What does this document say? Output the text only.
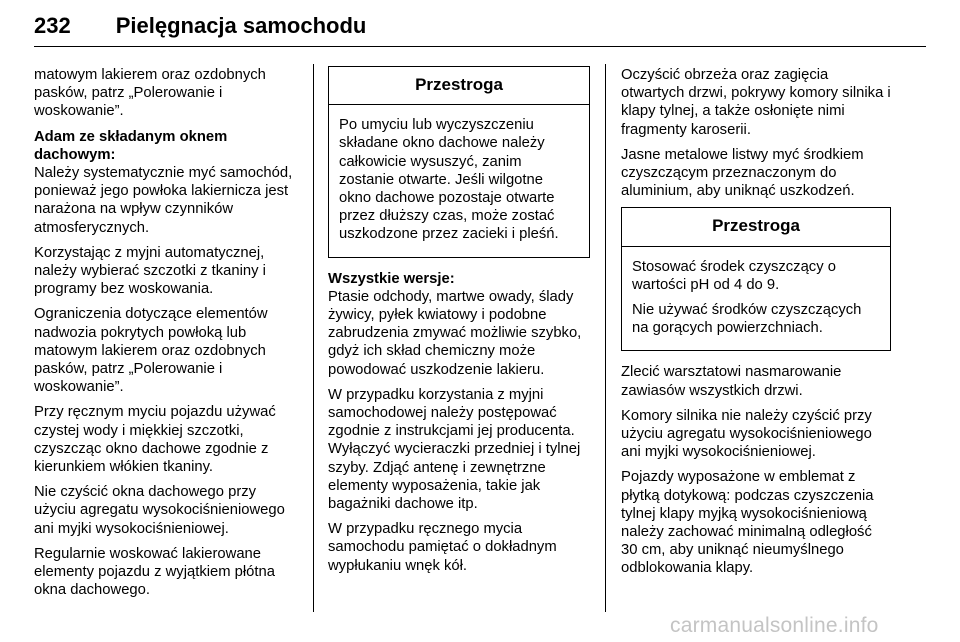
232 Pielęgnacja samochodu

matowym lakierem oraz ozdobnych pasków, patrz „Polerowanie i woskowanie”.

Adam ze składanym oknem dachowym:

Należy systematycznie myć samochód, ponieważ jego powłoka lakiernicza jest narażona na wpływ czynników atmosferycznych.

Korzystając z myjni automatycznej, należy wybierać szczotki z tkaniny i programy bez woskowania.

Ograniczenia dotyczące elementów nadwozia pokrytych powłoką lub matowym lakierem oraz ozdobnych pasków, patrz „Polerowanie i woskowanie”.

Przy ręcznym myciu pojazdu używać czystej wody i miękkiej szczotki, czyszcząc okno dachowe zgodnie z kierunkiem włókien tkaniny.

Nie czyścić okna dachowego przy użyciu agregatu wysokociśnieniowego ani myjki wysokociśnieniowej.

Regularnie woskować lakierowane elementy pojazdu z wyjątkiem płótna okna dachowego.

Przestroga

Po umyciu lub wyczyszczeniu składane okno dachowe należy całkowicie wysuszyć, zanim zostanie otwarte. Jeśli wilgotne okno dachowe pozostaje otwarte przez dłuższy czas, może zostać uszkodzone przez zacieki i pleśń.

Wszystkie wersje:

Ptasie odchody, martwe owady, ślady żywicy, pyłek kwiatowy i podobne zabrudzenia zmywać możliwie szybko, gdyż ich skład chemiczny może powodować uszkodzenie lakieru.

W przypadku korzystania z myjni samochodowej należy postępować zgodnie z instrukcjami jej producenta. Wyłączyć wycieraczki przedniej i tylnej szyby. Zdjąć antenę i zewnętrzne elementy wyposażenia, takie jak bagażniki dachowe itp.

W przypadku ręcznego mycia samochodu pamiętać o dokładnym wypłukaniu wnęk kół.

Oczyścić obrzeża oraz zagięcia otwartych drzwi, pokrywy komory silnika i klapy tylnej, a także osłonięte nimi fragmenty karoserii.

Jasne metalowe listwy myć środkiem czyszczącym przeznaczonym do aluminium, aby uniknąć uszkodzeń.

Przestroga

Stosować środek czyszczący o wartości pH od 4 do 9.

Nie używać środków czyszczących na gorących powierzchniach.

Zlecić warsztatowi nasmarowanie zawiasów wszystkich drzwi.

Komory silnika nie należy czyścić przy użyciu agregatu wysokociśnieniowego ani myjki wysokociśnieniowej.

Pojazdy wyposażone w emblemat z płytką dotykową: podczas czyszczenia tylnej klapy myjką wysokociśnieniową należy zachować minimalną odległość 30 cm, aby uniknąć nieumyślnego odblokowania klapy.

carmanualsonline.info
